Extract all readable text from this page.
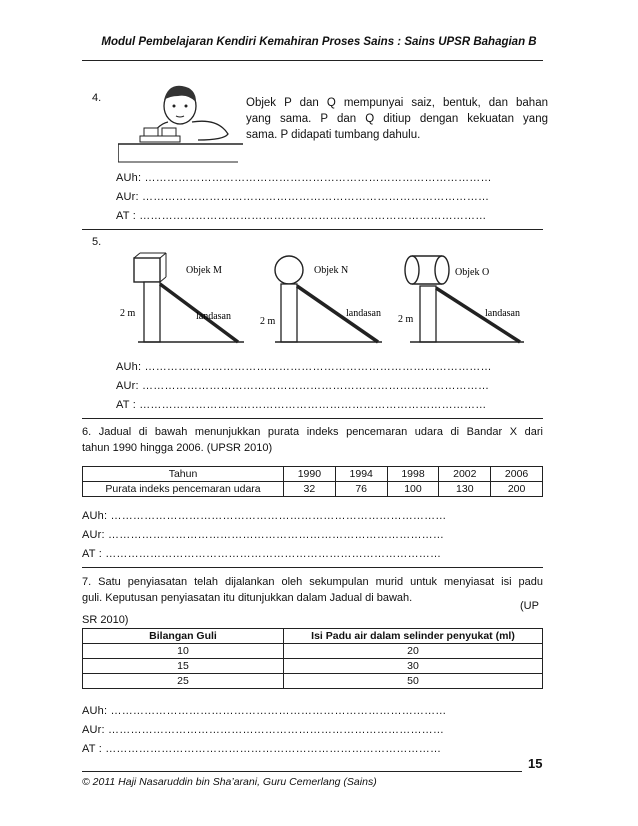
Modul Pembelajaran Kendiri Kemahiran Proses Sains : Sains UPSR Bahagian B
4.	Objek P dan Q mempunyai saiz, bentuk, dan bahan
yang sama. P dan Q ditiup dengan kekuatan yang
sama. P didapati tumbang dahulu.
AUh: …………………………………………………………………………………
AUr: …………………………………………………………………………………
AT : …………………………………………………………………………………
5.
Objek M
2 m	landasan
Objek N
2 m
landasan
Objek O
2 m
landasan
AUh: …………………………………………………………………………………
AUr: …………………………………………………………………………………
AT : …………………………………………………………………………………
6. Jadual di bawah menunjukkan purata indeks pencemaran udara di Bandar X dari
tahun 1990 hingga 2006. (UPSR 2010)
Tahun	1990	1994	1998	2002	2006
Purata indeks pencemaran udara	32	76	100	130	200
AUh: ………………………………………………………………………………
AUr: ………………………………………………………………………………
AT : ………………………………………………………………………………
7. Satu penyiasatan telah dijalankan oleh sekumpulan murid untuk menyiasat isi padu
guli. Keputusan penyiasatan itu ditunjukkan dalam Jadual di bawah.
(UP
SR 2010)
Bilangan Guli	Isi Padu air dalam selinder penyukat (ml)
10	20
15	30
25	50
AUh: ………………………………………………………………………………
AUr: ………………………………………………………………………………
AT : ………………………………………………………………………………
15
© 2011 Haji Nasaruddin bin Sha’arani, Guru Cemerlang (Sains)
